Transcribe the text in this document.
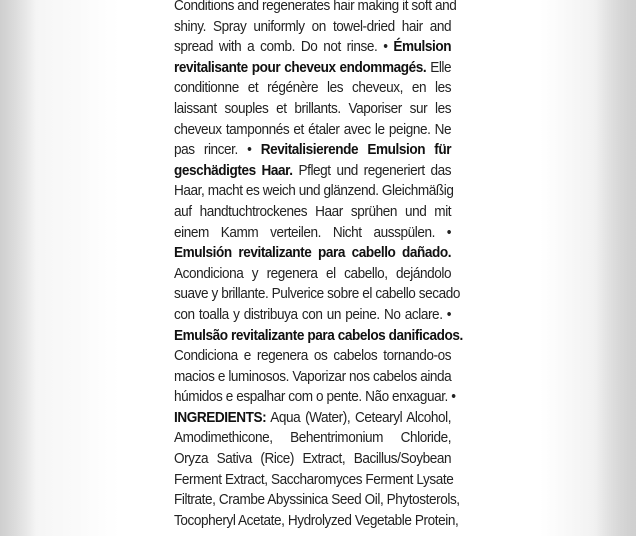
Conditions and regenerates hair making it soft and
shiny. Spray uniformly on towel-dried hair and
spread with a comb. Do not rinse. • Émulsion
revitalisante pour cheveux endommagés. Elle
conditionne et régénère les cheveux, en les
laissant souples et brillants. Vaporiser sur les
cheveux tamponnés et étaler avec le peigne. Ne
pas rincer. • Revitalisierende Emulsion für
geschädigtes Haar. Pflegt und regeneriert das
Haar, macht es weich und glänzend. Gleichmäßig
auf handtuchtrockenes Haar sprühen und mit
einem Kamm verteilen. Nicht ausspülen. •
Emulsión revitalizante para cabello dañado.
Acondiciona y regenera el cabello, dejándolo
suave y brillante. Pulverice sobre el cabello secado
con toalla y distribuya con un peine. No aclare. •
Emulsão revitalizante para cabelos danificados.
Condiciona e regenera os cabelos tornando-os
macios e luminosos. Vaporizar nos cabelos ainda
húmidos e espalhar com o pente. Não enxaguar. •
INGREDIENTS: Aqua (Water), Cetearyl Alcohol,
Amodimethicone, Behentrimonium Chloride,
Oryza Sativa (Rice) Extract, Bacillus/Soybean
Ferment Extract, Saccharomyces Ferment Lysate
Filtrate, Crambe Abyssinica Seed Oil, Phytosterols,
Tocopheryl Acetate, Hydrolyzed Vegetable Protein,
